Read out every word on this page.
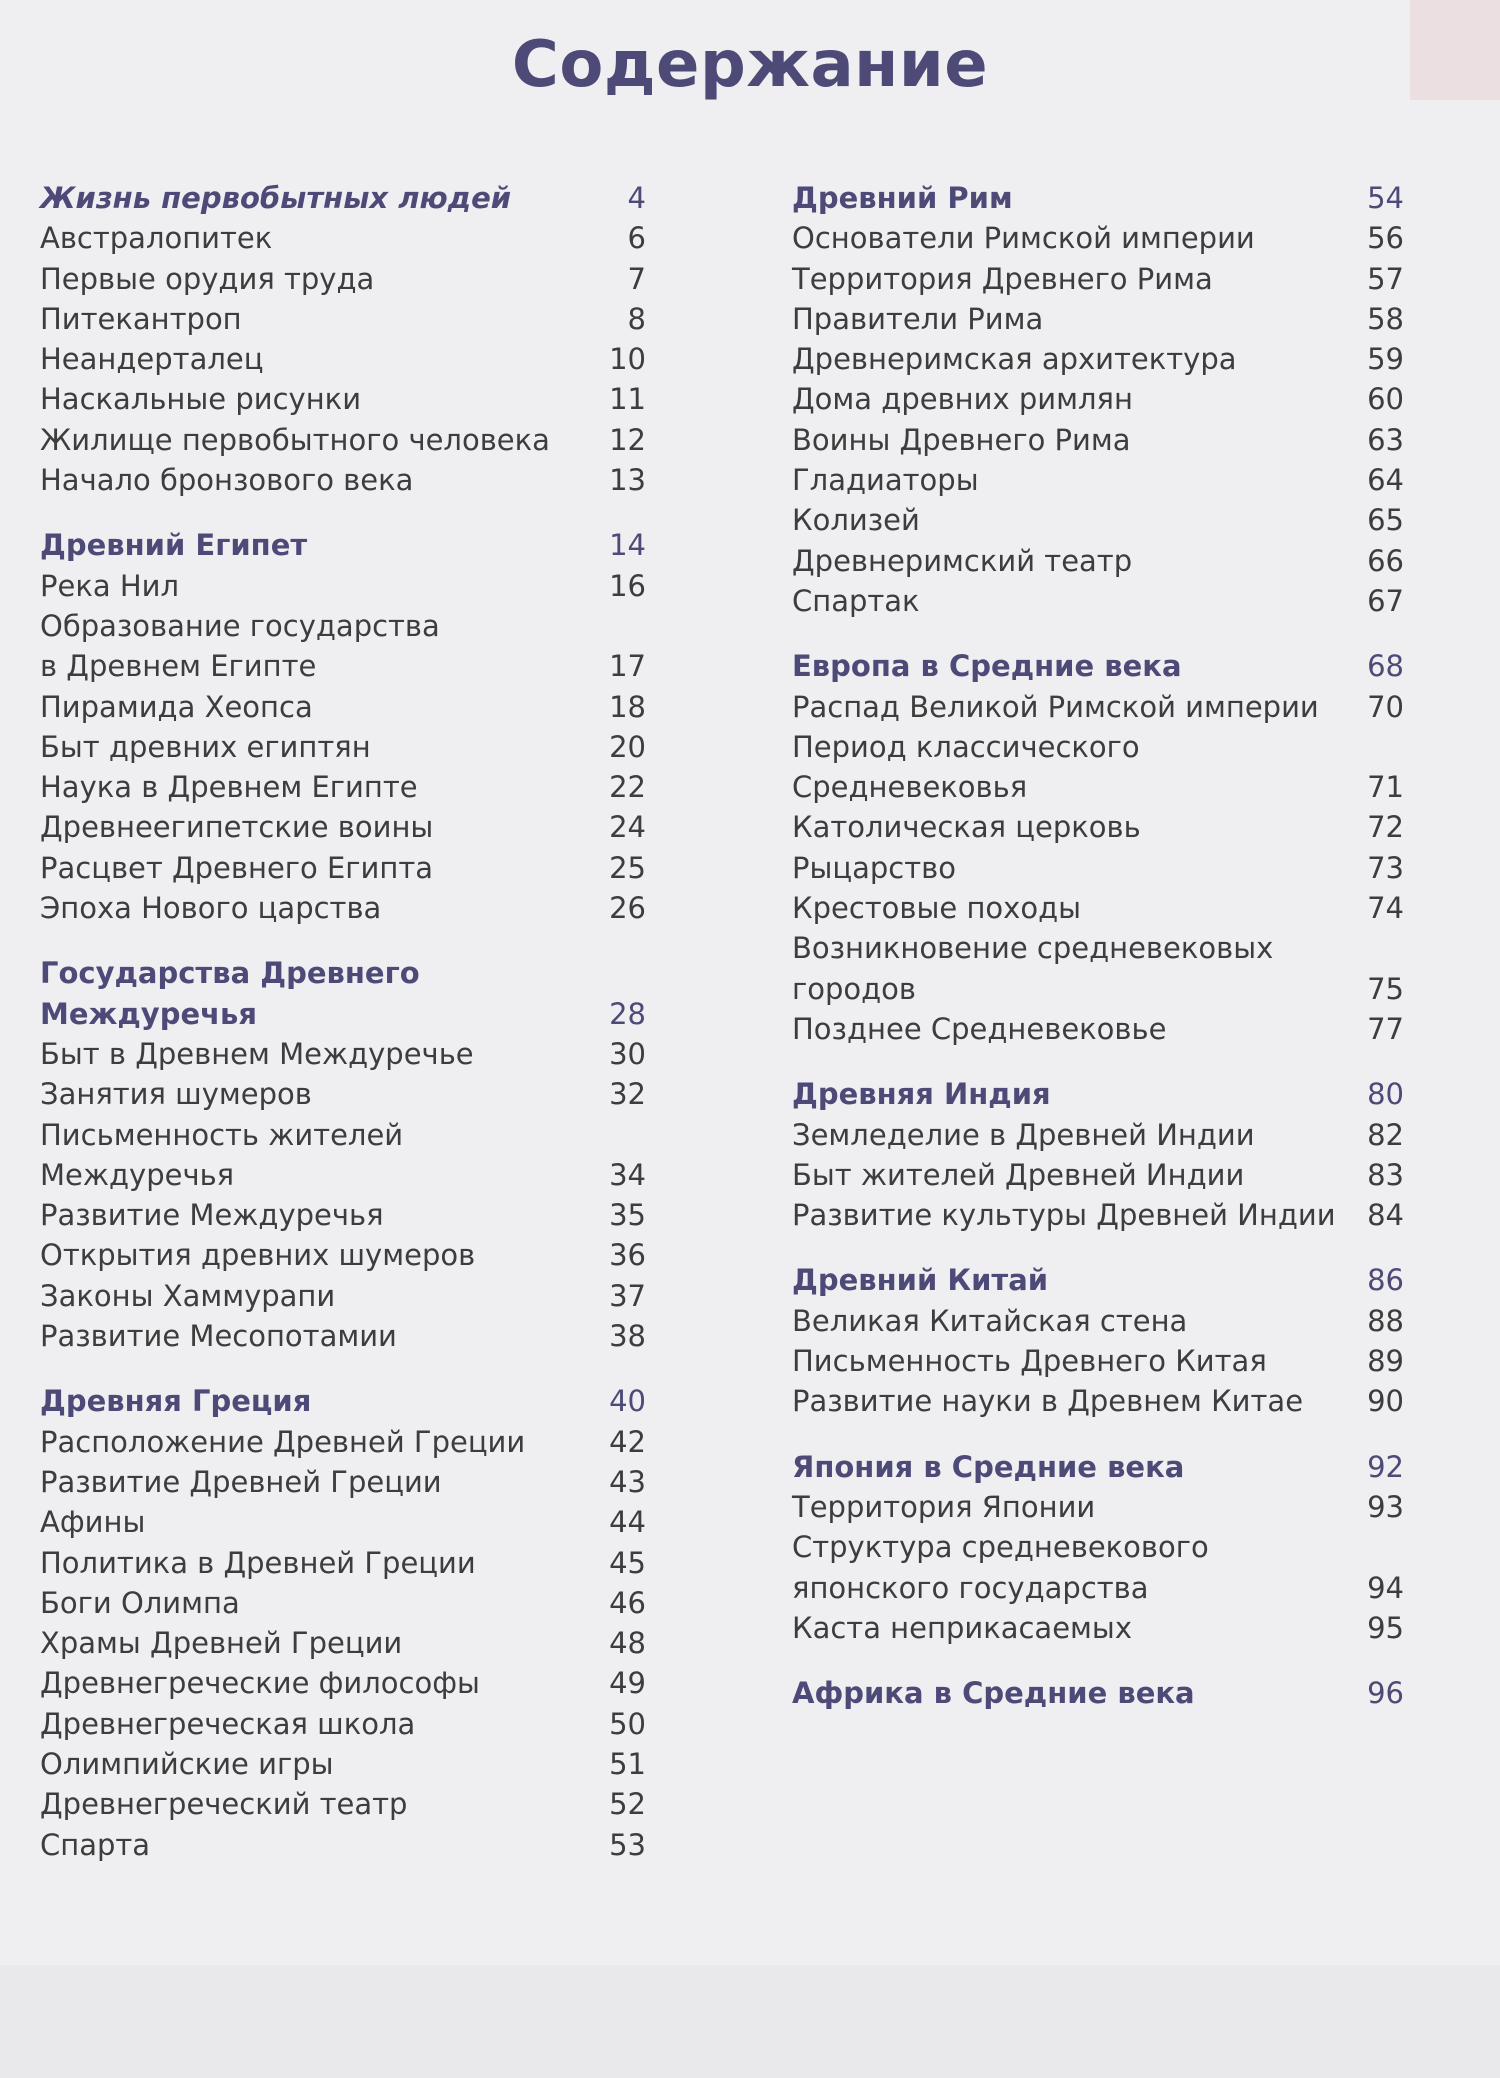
Содержание
Жизнь первобытных людей	4
Австралопитек	6
Первые орудия труда	7
Питекантроп	8
Неандерталец	10
Наскальные рисунки	11
Жилище первобытного человека	12
Начало бронзового века	13
Древний Египет	14
Река Нил	16
Образование государства
в Древнем Египте	17
Пирамида Хеопса	18
Быт древних египтян	20
Наука в Древнем Египте	22
Древнеегипетские воины	24
Расцвет Древнего Египта	25
Эпоха Нового царства	26
Государства Древнего Междуречья	28
Быт в Древнем Междуречье	30
Занятия шумеров	32
Письменность жителей Междуречья	34
Развитие Междуречья	35
Открытия древних шумеров	36
Законы Хаммурапи	37
Развитие Месопотамии	38
Древняя Греция	40
Расположение Древней Греции	42
Развитие Древней Греции	43
Афины	44
Политика в Древней Греции	45
Боги Олимпа	46
Храмы Древней Греции	48
Древнегреческие философы	49
Древнегреческая школа	50
Олимпийские игры	51
Древнегреческий театр	52
Спарта	53
Древний Рим	54
Основатели Римской империи	56
Территория Древнего Рима	57
Правители Рима	58
Древнеримская архитектура	59
Дома древних римлян	60
Воины Древнего Рима	63
Гладиаторы	64
Колизей	65
Древнеримский театр	66
Спартак	67
Европа в Средние века	68
Распад Великой Римской империи	70
Период классического Средневековья	71
Католическая церковь	72
Рыцарство	73
Крестовые походы	74
Возникновение средневековых
городов	75
Позднее Средневековье	77
Древняя Индия	80
Земледелие в Древней Индии	82
Быт жителей Древней Индии	83
Развитие культуры Древней Индии	84
Древний Китай	86
Великая Китайская стена	88
Письменность Древнего Китая	89
Развитие науки в Древнем Китае	90
Япония в Средние века	92
Территория Японии	93
Структура средневекового
японского государства	94
Каста неприкасаемых	95
Африка в Средние века	96
